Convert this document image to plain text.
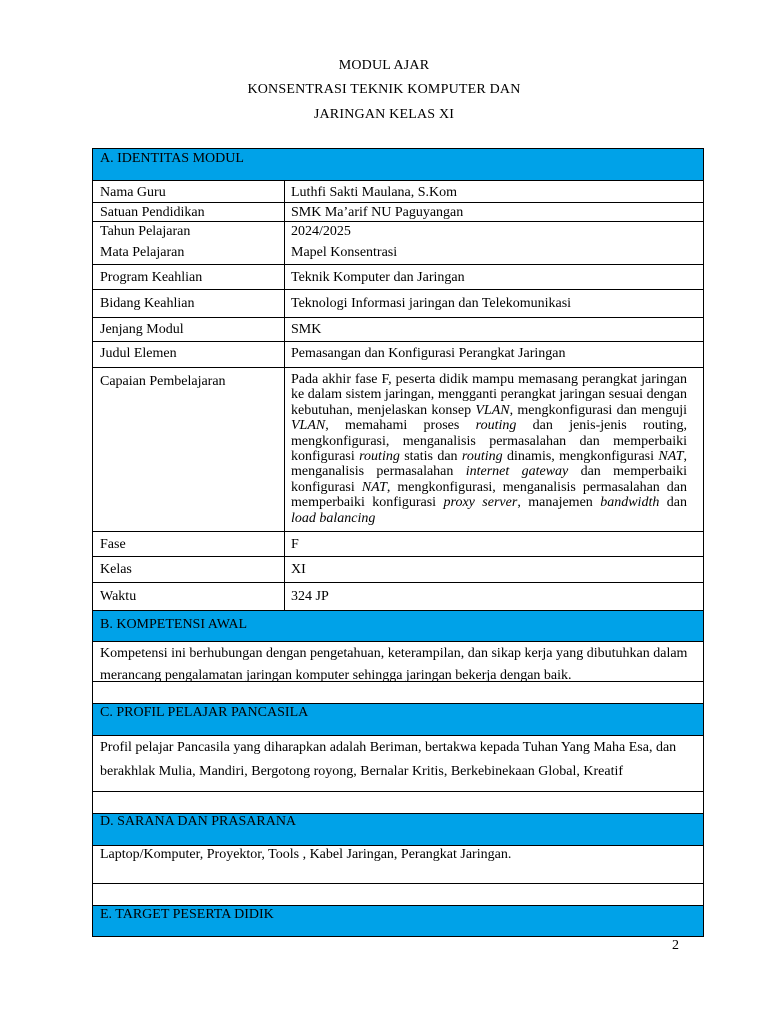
MODUL AJAR
KONSENTRASI TEKNIK KOMPUTER DAN
JARINGAN KELAS XI
A. IDENTITAS MODUL
Nama Guru	Luthfi Sakti Maulana, S.Kom
Satuan Pendidikan	SMK Ma’arif NU Paguyangan
Tahun Pelajaran	2024/2025
Mata Pelajaran	Mapel Konsentrasi
Program Keahlian	Teknik Komputer dan Jaringan
Bidang Keahlian	Teknologi Informasi jaringan dan Telekomunikasi
Jenjang Modul	SMK
Judul Elemen	Pemasangan dan Konfigurasi Perangkat Jaringan
Capaian Pembelajaran	Pada akhir fase F, peserta didik mampu memasang perangkat jaringan ke dalam sistem jaringan, mengganti perangkat jaringan sesuai dengan kebutuhan, menjelaskan konsep VLAN, mengkonfigurasi dan menguji VLAN, memahami proses routing dan jenis-jenis routing, mengkonfigurasi, menganalisis permasalahan dan memperbaiki konfigurasi routing statis dan routing dinamis, mengkonfigurasi NAT, menganalisis permasalahan internet gateway dan memperbaiki konfigurasi NAT, mengkonfigurasi, menganalisis permasalahan dan memperbaiki konfigurasi proxy server, manajemen bandwidth dan load balancing
Fase	F
Kelas	XI
Waktu	324 JP
B. KOMPETENSI AWAL
Kompetensi ini berhubungan dengan pengetahuan, keterampilan, dan sikap kerja yang dibutuhkan dalam merancang pengalamatan jaringan komputer sehingga jaringan bekerja dengan baik.
C. PROFIL PELAJAR PANCASILA
Profil pelajar Pancasila yang diharapkan adalah Beriman, bertakwa kepada Tuhan Yang Maha Esa, dan berakhlak Mulia, Mandiri, Bergotong royong, Bernalar Kritis, Berkebinekaan Global, Kreatif
D. SARANA DAN PRASARANA
Laptop/Komputer, Proyektor, Tools , Kabel Jaringan, Perangkat Jaringan.
E. TARGET PESERTA DIDIK
2
